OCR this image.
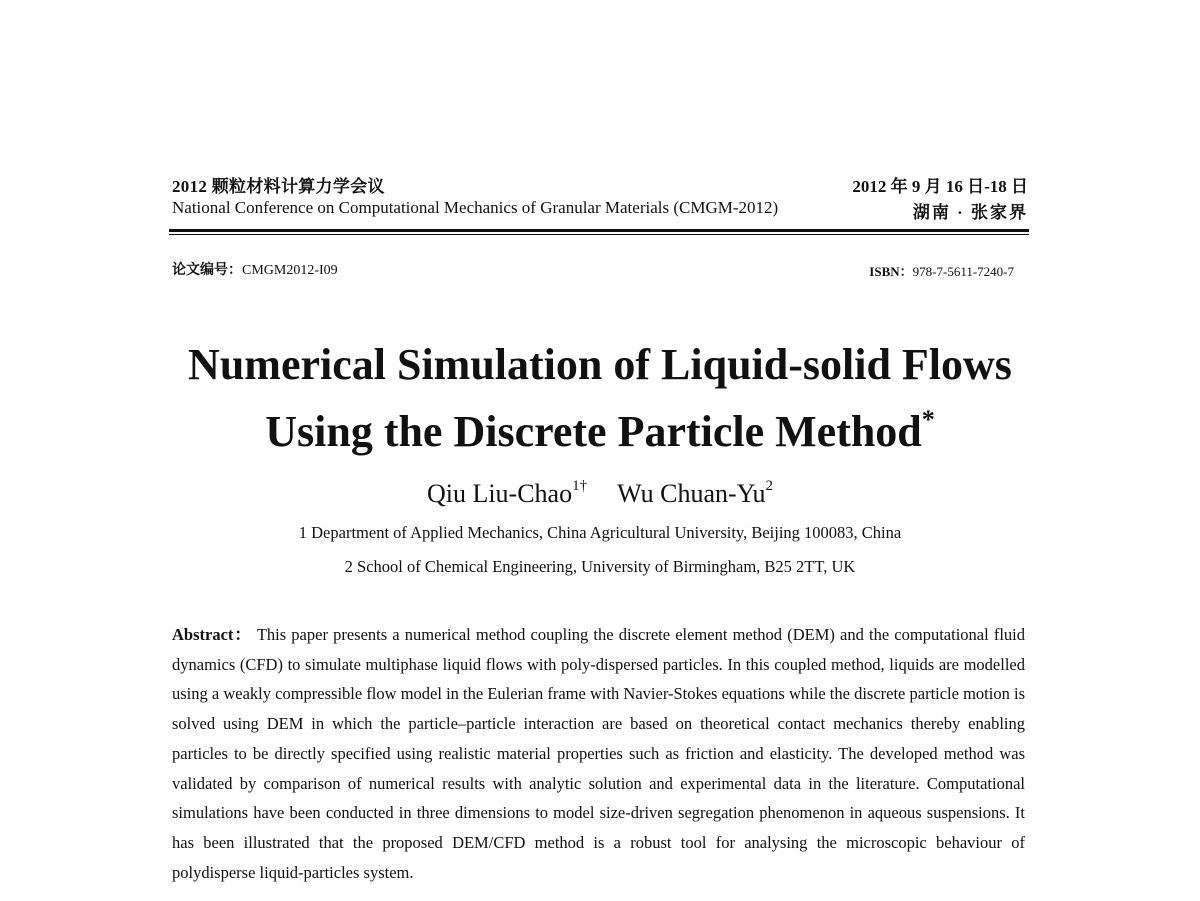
2012 颗粒材料计算力学会议
National Conference on Computational Mechanics of Granular Materials (CMGM-2012)
2012 年 9 月 16 日-18 日
湖南 · 张家界
论文编号：CMGM2012-I09	ISBN：978-7-5611-7240-7
Numerical Simulation of Liquid-solid Flows
Using the Discrete Particle Method*
Qiu Liu-Chao$^{1\dagger}$ Wu Chuan-Yu$^2$
1 Department of Applied Mechanics, China Agricultural University, Beijing 100083, China
2 School of Chemical Engineering, University of Birmingham, B25 2TT, UK
Abstract： This paper presents a numerical method coupling the discrete element method (DEM) and the computational fluid dynamics (CFD) to simulate multiphase liquid flows with poly-dispersed particles. In this coupled method, liquids are modelled using a weakly compressible flow model in the Eulerian frame with Navier-Stokes equations while the discrete particle motion is solved using DEM in which the particle–particle interaction are based on theoretical contact mechanics thereby enabling particles to be directly specified using realistic material properties such as friction and elasticity. The developed method was validated by comparison of numerical results with analytic solution and experimental data in the literature. Computational simulations have been conducted in three dimensions to model size-driven segregation phenomenon in aqueous suspensions. It has been illustrated that the proposed DEM/CFD method is a robust tool for analysing the microscopic behaviour of polydisperse liquid-particles system.
